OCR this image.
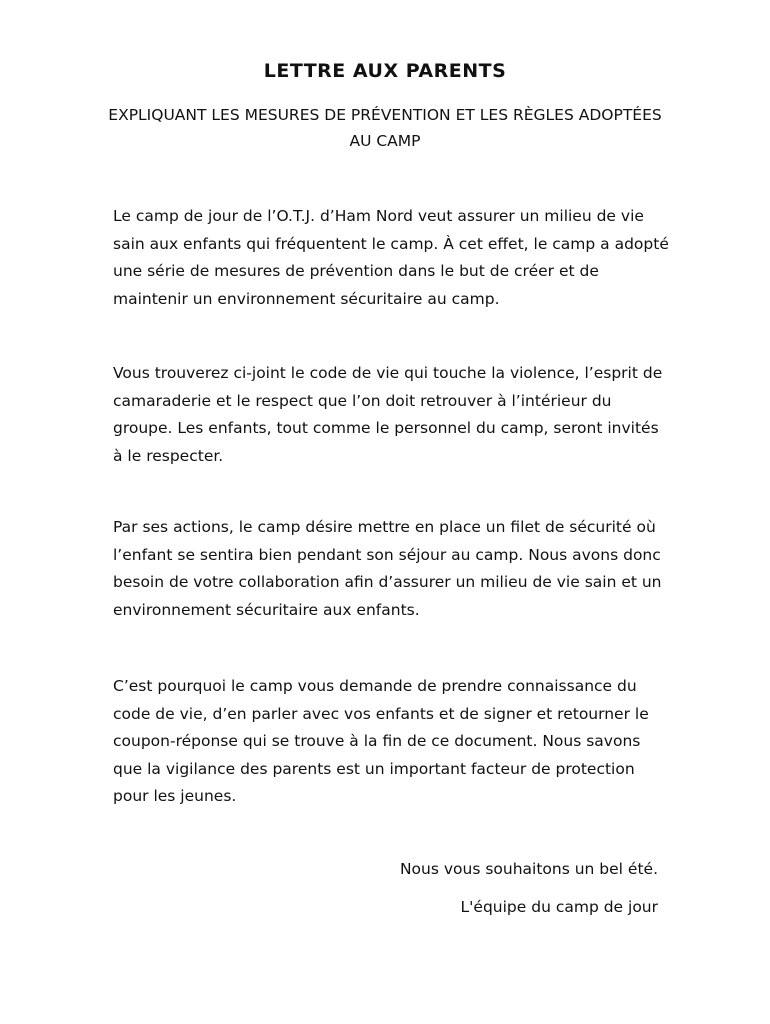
LETTRE AUX PARENTS

EXPLIQUANT LES MESURES DE PRÉVENTION ET LES RÈGLES ADOPTÉES AU CAMP

Le camp de jour de l’O.T.J. d’Ham Nord veut assurer un milieu de vie sain aux enfants qui fréquentent le camp. À cet effet, le camp a adopté une série de mesures de prévention dans le but de créer et de maintenir un environnement sécuritaire au camp.

Vous trouverez ci-joint le code de vie qui touche la violence, l’esprit de camaraderie et le respect que l’on doit retrouver à l’intérieur du groupe. Les enfants, tout comme le personnel du camp, seront invités à le respecter.

Par ses actions, le camp désire mettre en place un filet de sécurité où l’enfant se sentira bien pendant son séjour au camp. Nous avons donc besoin de votre collaboration afin d’assurer un milieu de vie sain et un environnement sécuritaire aux enfants.

C’est pourquoi le camp vous demande de prendre connaissance du code de vie, d’en parler avec vos enfants et de signer et retourner le coupon-réponse qui se trouve à la fin de ce document. Nous savons que la vigilance des parents est un important facteur de protection pour les jeunes.

Nous vous souhaitons un bel été.

L'équipe du camp de jour
